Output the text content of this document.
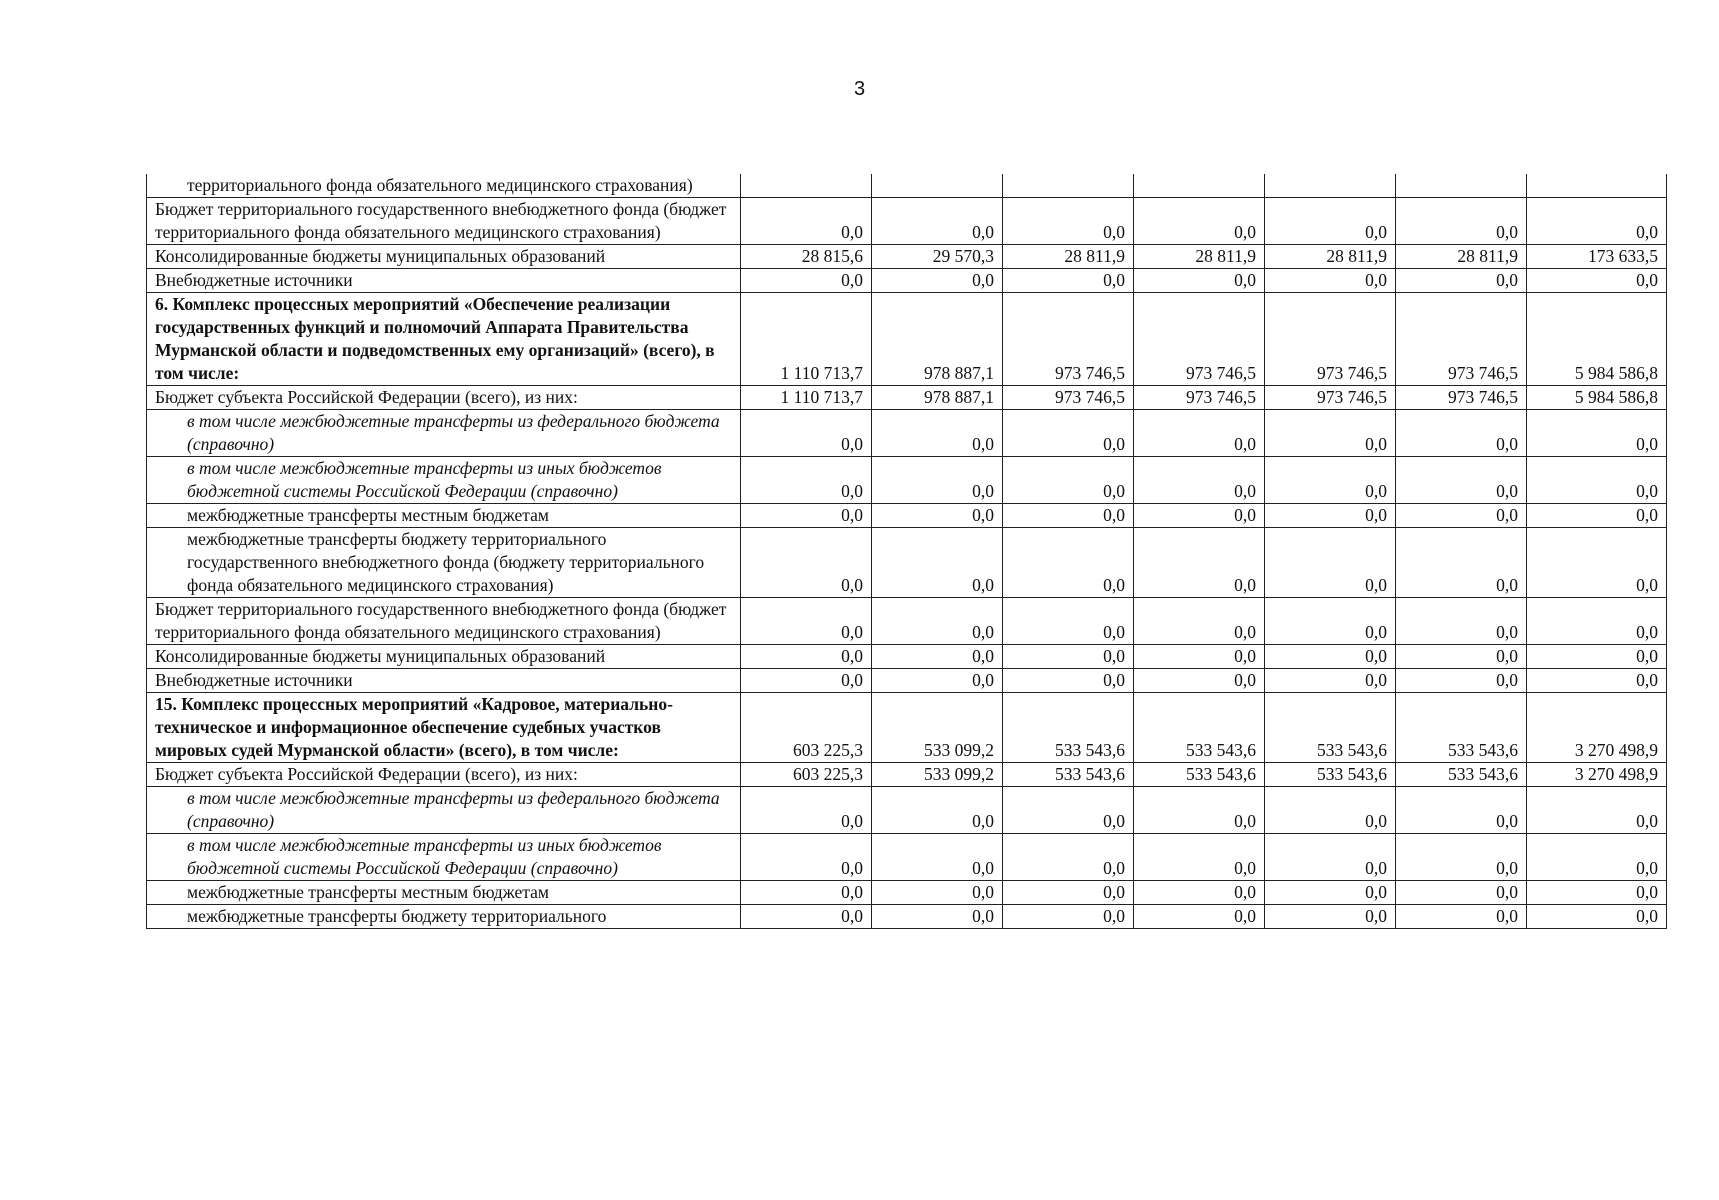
3
территориального фонда обязательного медицинского страхования)							
Бюджет территориального государственного внебюджетного фонда (бюджет территориального фонда обязательного медицинского страхования)	0,0	0,0	0,0	0,0	0,0	0,0	0,0
Консолидированные бюджеты муниципальных образований	28 815,6	29 570,3	28 811,9	28 811,9	28 811,9	28 811,9	173 633,5
Внебюджетные источники	0,0	0,0	0,0	0,0	0,0	0,0	0,0
6. Комплекс процессных мероприятий «Обеспечение реализации государственных функций и полномочий Аппарата Правительства Мурманской области и подведомственных ему организаций» (всего), в том числе:	1 110 713,7	978 887,1	973 746,5	973 746,5	973 746,5	973 746,5	5 984 586,8
Бюджет субъекта Российской Федерации (всего), из них:	1 110 713,7	978 887,1	973 746,5	973 746,5	973 746,5	973 746,5	5 984 586,8
в том числе межбюджетные трансферты из федерального бюджета (справочно)	0,0	0,0	0,0	0,0	0,0	0,0	0,0
в том числе межбюджетные трансферты из иных бюджетов бюджетной системы Российской Федерации (справочно)	0,0	0,0	0,0	0,0	0,0	0,0	0,0
межбюджетные трансферты местным бюджетам	0,0	0,0	0,0	0,0	0,0	0,0	0,0
межбюджетные трансферты бюджету территориального государственного внебюджетного фонда (бюджету территориального фонда обязательного медицинского страхования)	0,0	0,0	0,0	0,0	0,0	0,0	0,0
Бюджет территориального государственного внебюджетного фонда (бюджет территориального фонда обязательного медицинского страхования)	0,0	0,0	0,0	0,0	0,0	0,0	0,0
Консолидированные бюджеты муниципальных образований	0,0	0,0	0,0	0,0	0,0	0,0	0,0
Внебюджетные источники	0,0	0,0	0,0	0,0	0,0	0,0	0,0
15. Комплекс процессных мероприятий «Кадровое, материально-техническое и информационное обеспечение судебных участков мировых судей Мурманской области» (всего), в том числе:	603 225,3	533 099,2	533 543,6	533 543,6	533 543,6	533 543,6	3 270 498,9
Бюджет субъекта Российской Федерации (всего), из них:	603 225,3	533 099,2	533 543,6	533 543,6	533 543,6	533 543,6	3 270 498,9
в том числе межбюджетные трансферты из федерального бюджета (справочно)	0,0	0,0	0,0	0,0	0,0	0,0	0,0
в том числе межбюджетные трансферты из иных бюджетов бюджетной системы Российской Федерации (справочно)	0,0	0,0	0,0	0,0	0,0	0,0	0,0
межбюджетные трансферты местным бюджетам	0,0	0,0	0,0	0,0	0,0	0,0	0,0
межбюджетные трансферты бюджету территориального	0,0	0,0	0,0	0,0	0,0	0,0	0,0
